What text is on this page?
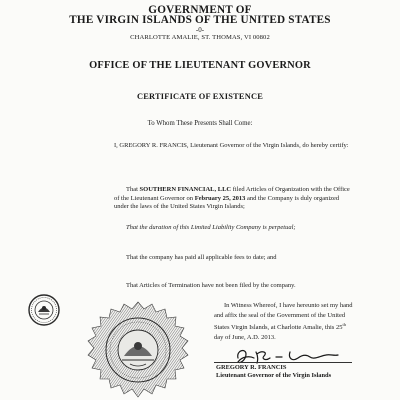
GOVERNMENT OF
THE VIRGIN ISLANDS OF THE UNITED STATES
-0-
CHARLOTTE AMALIE, ST. THOMAS, VI 00802
OFFICE OF THE LIEUTENANT GOVERNOR
CERTIFICATE OF EXISTENCE
To Whom These Presents Shall Come:
I, GREGORY R. FRANCIS, Lieutenant Governor of the Virgin Islands, do hereby certify:
That SOUTHERN FINANCIAL, LLC filed Articles of Organization with the Office of the Lieutenant Governor on February 25, 2013 and the Company is duly organized under the laws of the United States Virgin Islands;
That the duration of this Limited Liability Company is perpetual;
That the company has paid all applicable fees to date; and
That Articles of Termination have not been filed by the company.
In Witness Whereof, I have hereunto set my hand and affix the seal of the Government of the United States Virgin Islands, at Charlotte Amalie, this 25th day of June, A.D. 2013.
GREGORY R. FRANCIS
Lieutenant Governor of the Virgin Islands
